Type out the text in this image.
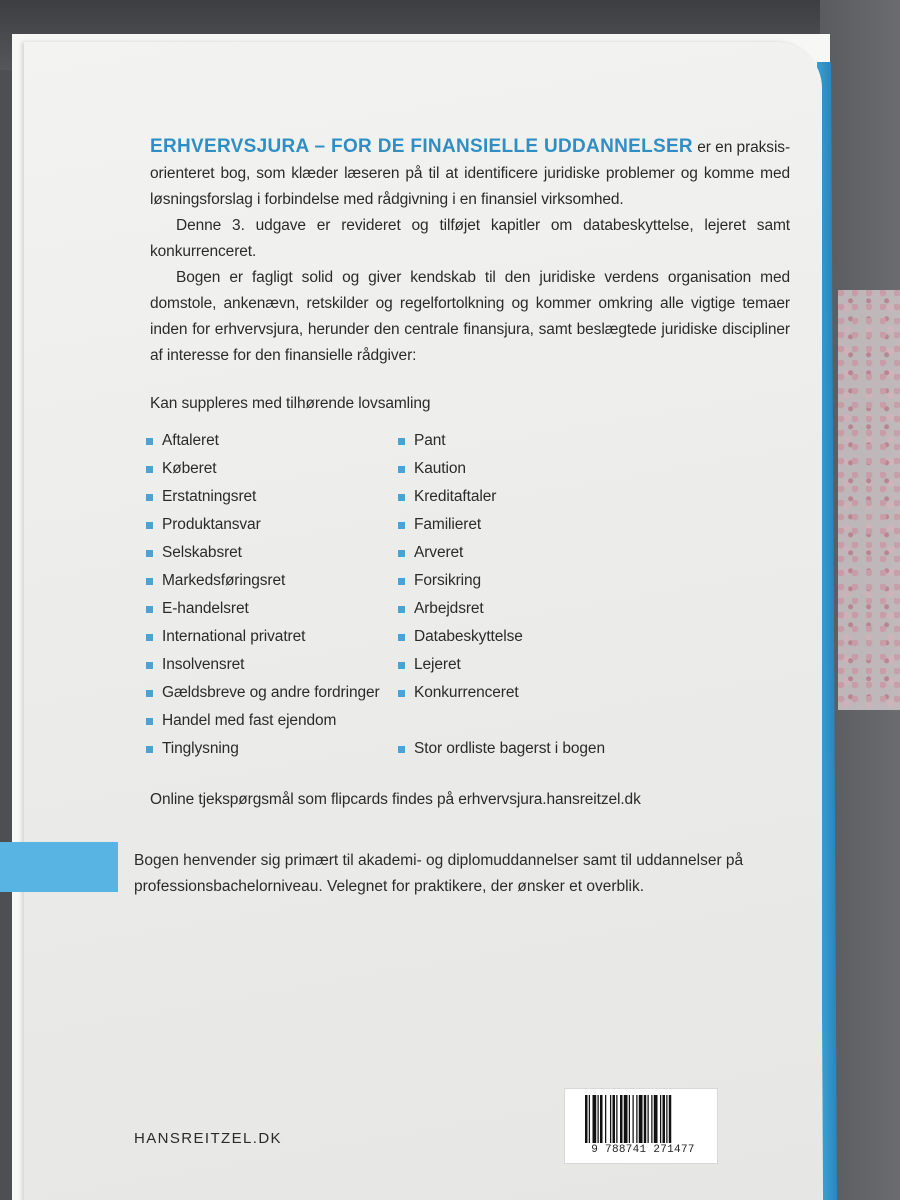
ERHVERVSJURA – FOR DE FINANSIELLE UDDANNELSER er en praksis-orienteret bog, som klæder læseren på til at identificere juridiske problemer og komme med løsningsforslag i forbindelse med rådgivning i en finansiel virksomhed.

Denne 3. udgave er revideret og tilføjet kapitler om databeskyttelse, lejeret samt konkurrenceret.

Bogen er fagligt solid og giver kendskab til den juridiske verdens organisation med domstole, ankenævn, retskilder og regelfortolkning og kommer omkring alle vigtige temaer inden for erhvervsjura, herunder den centrale finansjura, samt beslægtede juridiske discipliner af interesse for den finansielle rådgiver:

Kan suppleres med tilhørende lovsamling

Aftaleret
Køberet
Erstatningsret
Produktansvar
Selskabsret
Markedsføringsret
E-handelsret
International privatret
Insolvensret
Gældsbreve og andre fordringer
Handel med fast ejendom
Tinglysning
Pant
Kaution
Kreditaftaler
Familieret
Arveret
Forsikring
Arbejdsret
Databeskyttelse
Lejeret
Konkurrenceret
Stor ordliste bagerst i bogen

Online tjekspørgsmål som flipcards findes på erhvervsjura.hansreitzel.dk

Bogen henvender sig primært til akademi- og diplomuddannelser samt til uddannelser på professionsbachelorniveau. Velegnet for praktikere, der ønsker et overblik.

HANSREITZEL.DK
9 788741 271477
